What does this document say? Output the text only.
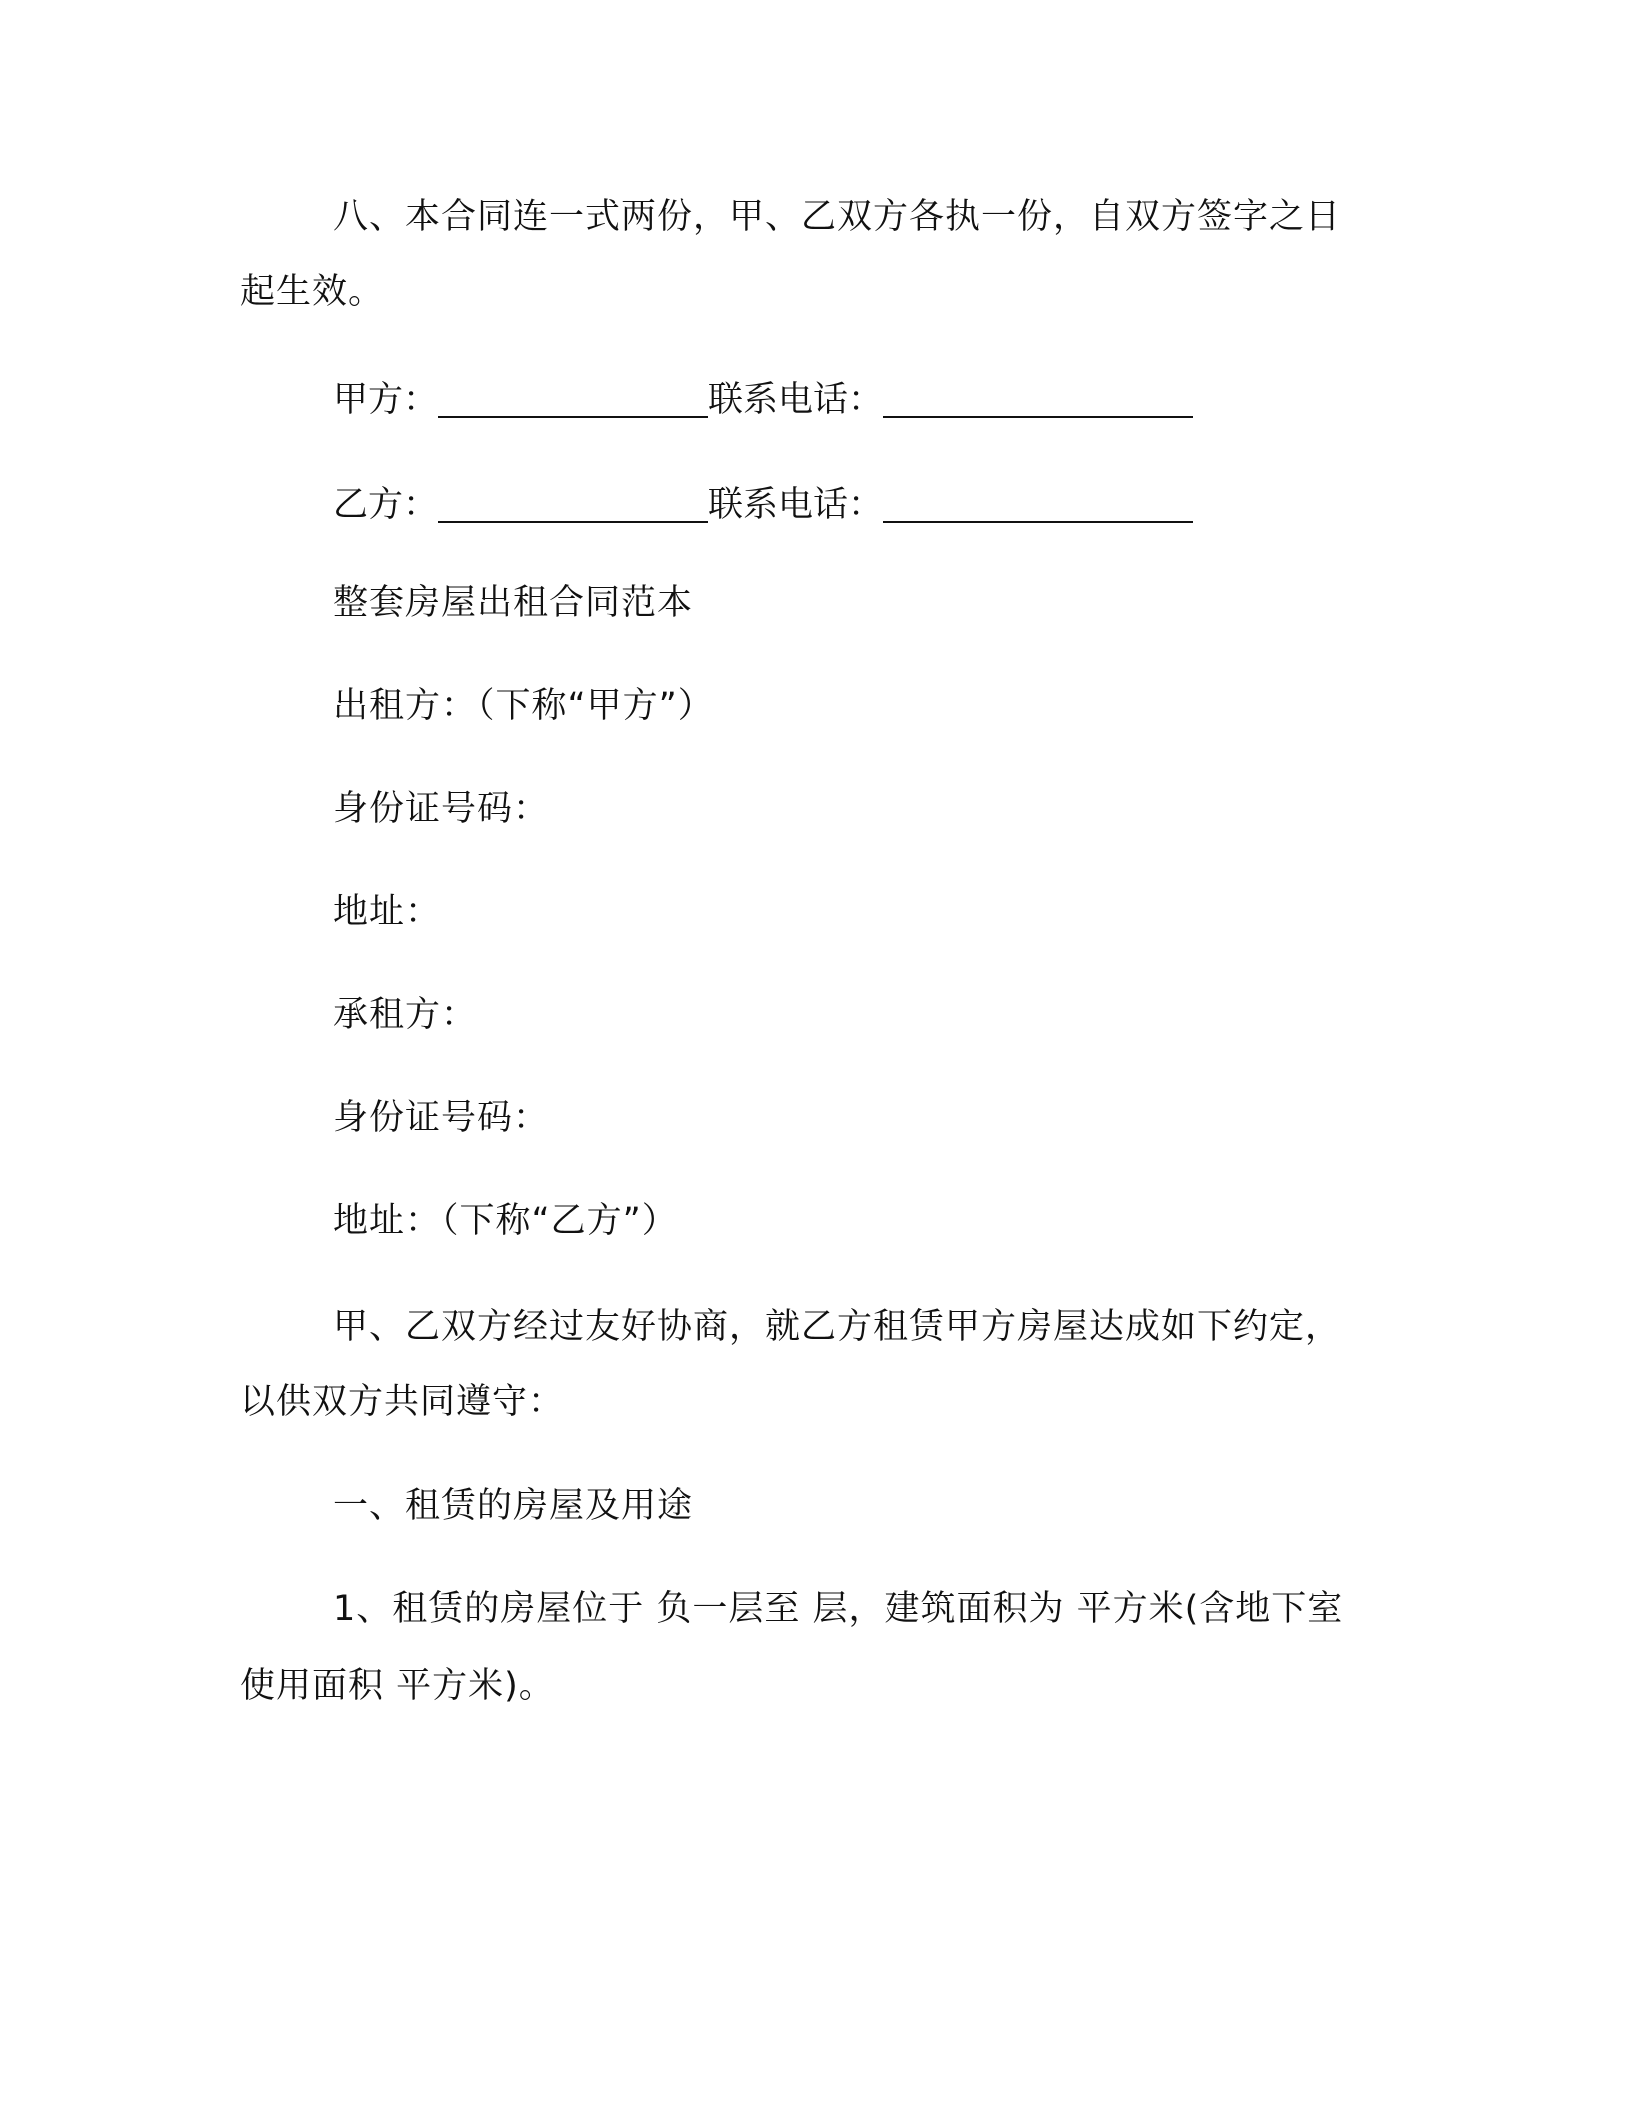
八、本合同连一式两份，甲、乙双方各执一份，自双方签字之日
起生效。
甲方：	联系电话：
乙方：	联系电话：
整套房屋出租合同范本
出租方：（下称“甲方”）
身份证号码：
地址：
承租方：
身份证号码：
地址：（下称“乙方”）
甲、乙双方经过友好协商，就乙方租赁甲方房屋达成如下约定，
以供双方共同遵守：
一、租赁的房屋及用途
1、租赁的房屋位于 负一层至 层，建筑面积为 平方米(含地下室
使用面积 平方米)。
